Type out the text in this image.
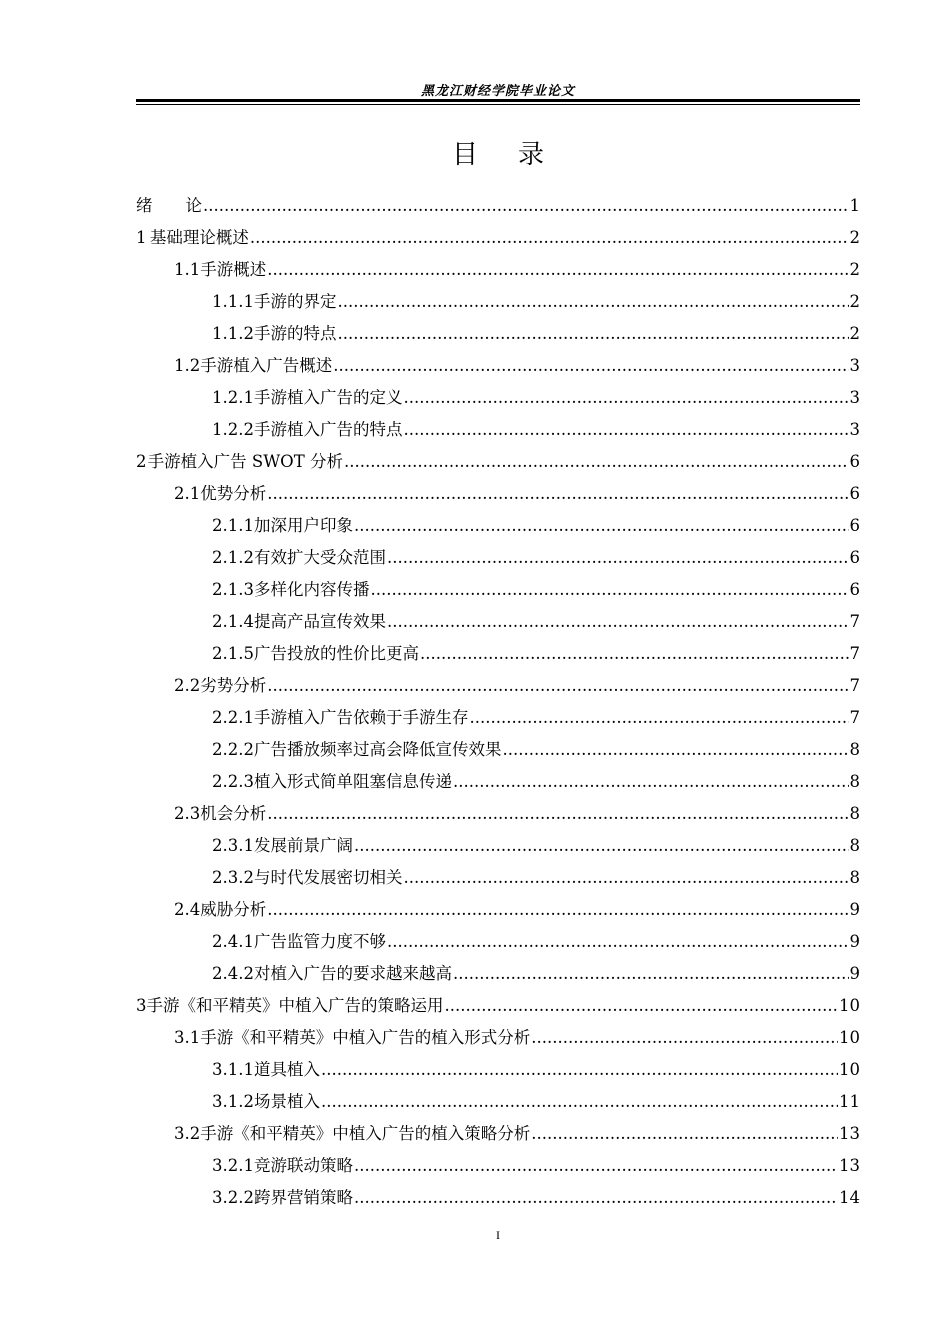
黑龙江财经学院毕业论文
目录
绪　　论 .....	1
1 基础理论概述 .....	2
1.1 手游概述 .....	2
1.1.1 手游的界定 .....	2
1.1.2 手游的特点 .....	2
1.2 手游植入广告概述 .....	3
1.2.1 手游植入广告的定义 .....	3
1.2.2 手游植入广告的特点 .....	3
2 手游植入广告 SWOT 分析 .....	6
2.1 优势分析 .....	6
2.1.1 加深用户印象 .....	6
2.1.2 有效扩大受众范围 .....	6
2.1.3 多样化内容传播 .....	6
2.1.4 提高产品宣传效果 .....	7
2.1.5 广告投放的性价比更高 .....	7
2.2 劣势分析 .....	7
2.2.1 手游植入广告依赖于手游生存 .....	7
2.2.2 广告播放频率过高会降低宣传效果 .....	8
2.2.3 植入形式简单阻塞信息传递 .....	8
2.3 机会分析 .....	8
2.3.1 发展前景广阔 .....	8
2.3.2 与时代发展密切相关 .....	8
2.4 威胁分析 .....	9
2.4.1 广告监管力度不够 .....	9
2.4.2 对植入广告的要求越来越高 .....	9
3 手游《和平精英》中植入广告的策略运用 .....	10
3.1 手游《和平精英》中植入广告的植入形式分析 .....	10
3.1.1 道具植入 .....	10
3.1.2 场景植入 .....	11
3.2 手游《和平精英》中植入广告的植入策略分析 .....	13
3.2.1 竞游联动策略 .....	13
3.2.2 跨界营销策略 .....	14
I
